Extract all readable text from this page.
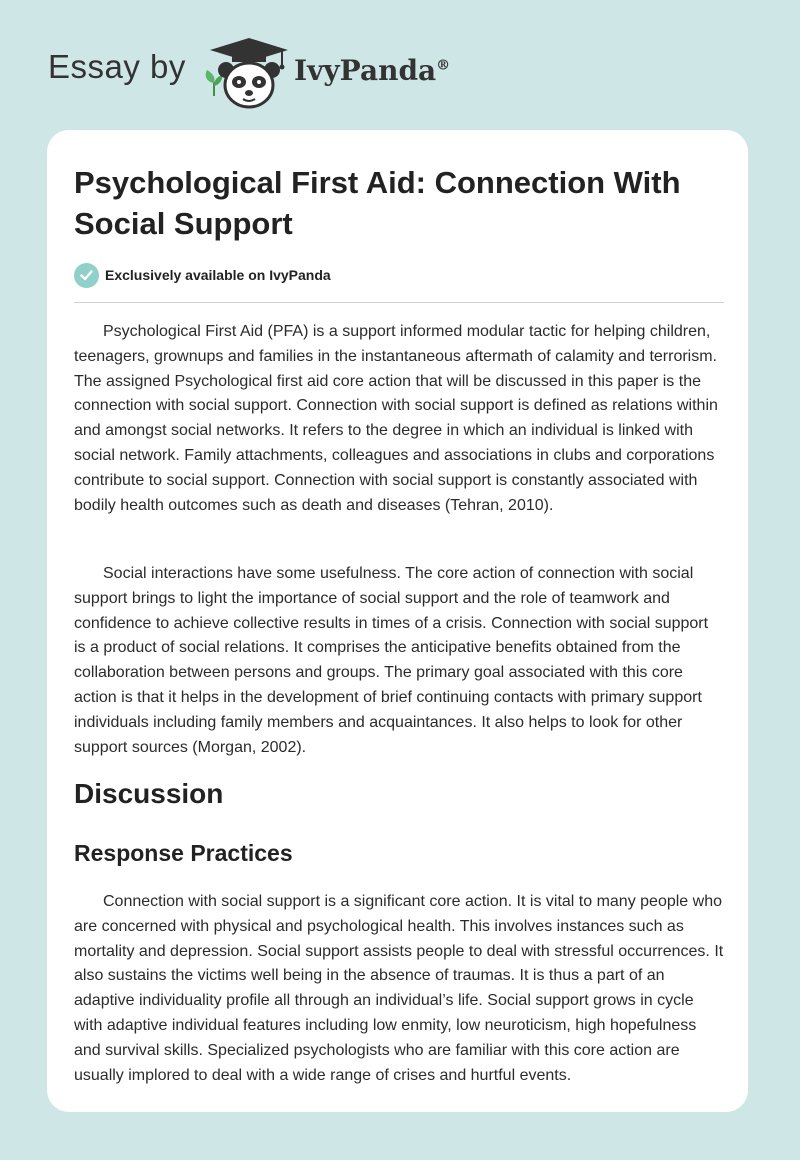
Essay by	IvyPanda®
Psychological First Aid: Connection With Social Support
Exclusively available on IvyPanda

Psychological First Aid (PFA) is a support informed modular tactic for helping children, teenagers, grownups and families in the instantaneous aftermath of calamity and terrorism. The assigned Psychological first aid core action that will be discussed in this paper is the connection with social support. Connection with social support is defined as relations within and amongst social networks. It refers to the degree in which an individual is linked with social network. Family attachments, colleagues and associations in clubs and corporations contribute to social support. Connection with social support is constantly associated with bodily health outcomes such as death and diseases (Tehran, 2010).

Social interactions have some usefulness. The core action of connection with social support brings to light the importance of social support and the role of teamwork and confidence to achieve collective results in times of a crisis. Connection with social support is a product of social relations. It comprises the anticipative benefits obtained from the collaboration between persons and groups. The primary goal associated with this core action is that it helps in the development of brief continuing contacts with primary support individuals including family members and acquaintances. It also helps to look for other support sources (Morgan, 2002).

Discussion
Response Practices

Connection with social support is a significant core action. It is vital to many people who are concerned with physical and psychological health. This involves instances such as mortality and depression. Social support assists people to deal with stressful occurrences. It also sustains the victims well being in the absence of traumas. It is thus a part of an adaptive individuality profile all through an individual’s life. Social support grows in cycle with adaptive individual features including low enmity, low neuroticism, high hopefulness and survival skills. Specialized psychologists who are familiar with this core action are usually implored to deal with a wide range of crises and hurtful events.
